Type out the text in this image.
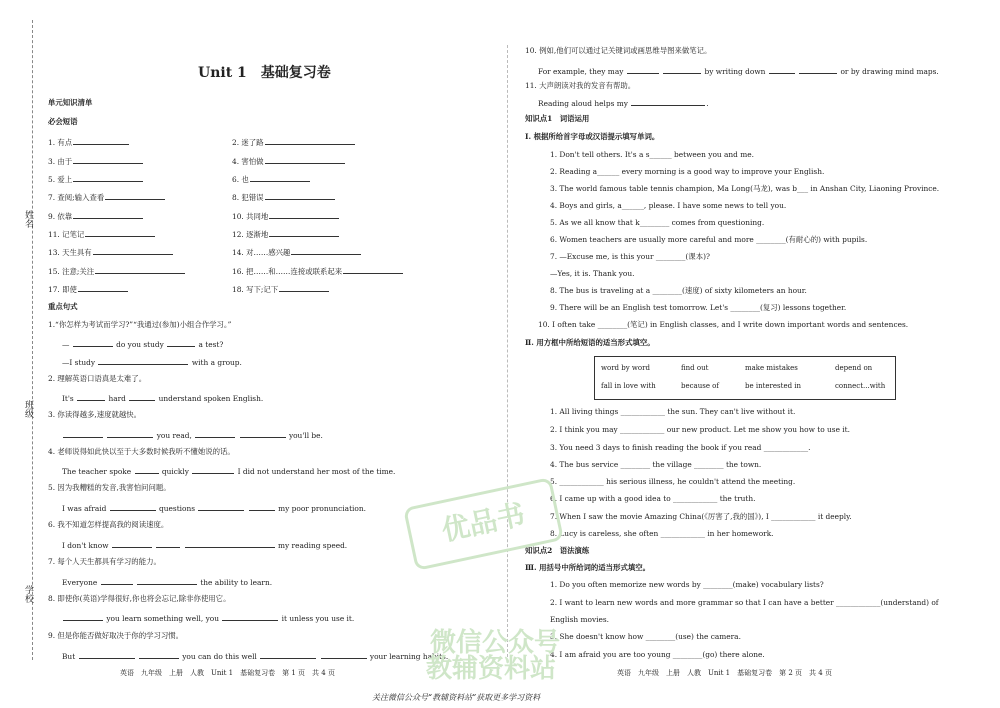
姓名
班级
学校
Unit 1　基础复习卷
单元知识清单
必会短语
1. 有点	2. 迷了路
3. 由于	4. 害怕做
5. 爱上	6. 也
7. 查阅;输入查看	8. 犯错误
9. 依靠	10. 共同地
11. 记笔记	12. 逐渐地
13. 天生具有	14. 对……感兴趣
15. 注意;关注	16. 把……和……连接或联系起来
17. 即使	18. 写下;记下
重点句式
1.“你怎样为考试而学习?”“我通过(参加)小组合作学习。”
—	do you study	a test?
—I study	with a group.
2. 理解英语口语真是太难了。
It's	hard	understand spoken English.
3. 你读得越多,速度就越快。
you read,	you'll be.
4. 老师说得如此快以至于大多数时候我听不懂她说的话。
The teacher spoke	quickly	I did not understand her most of the time.
5. 因为我糟糕的发音,我害怕问问题。
I was afraid	questions	my poor pronunciation.
6. 我不知道怎样提高我的阅读速度。
I don't know	my reading speed.
7. 每个人天生都具有学习的能力。
Everyone	the ability to learn.
8. 即使你(英语)学得很好,你也将会忘记,除非你使用它。
you learn something well, you	it unless you use it.
9. 但是你能否做好取决于你的学习习惯。
But	you can do this well	your learning habits.
10. 例如,他们可以通过记关键词或画思维导图来做笔记。
For example, they may	by writing down	or by drawing mind maps.
11. 大声朗读对我的发音有帮助。
Reading aloud helps my	.
知识点1　词语运用
Ⅰ. 根据所给首字母或汉语提示填写单词。
1. Don't tell others. It's a s______ between you and me.
2. Reading a______ every morning is a good way to improve your English.
3. The world famous table tennis champion, Ma Long(马龙), was b___ in Anshan City, Liaoning Province.
4. Boys and girls, a______, please. I have some news to tell you.
5. As we all know that k________ comes from questioning.
6. Women teachers are usually more careful and more ________(有耐心的) with pupils.
7. —Excuse me, is this your ________(课本)?
—Yes, it is. Thank you.
8. The bus is traveling at a ________(速度) of sixty kilometers an hour.
9. There will be an English test tomorrow. Let's ________(复习) lessons together.
10. I often take ________(笔记) in English classes, and I write down important words and sentences.
Ⅱ. 用方框中所给短语的适当形式填空。
word by word	find out	make mistakes	depend on
fall in love with	because of	be interested in	connect...with
1. All living things ____________ the sun. They can't live without it.
2. I think you may ____________ our new product. Let me show you how to use it.
3. You need 3 days to finish reading the book if you read ____________.
4. The bus service ________ the village ________ the town.
5. ____________ his serious illness, he couldn't attend the meeting.
6. I came up with a good idea to ____________ the truth.
7. When I saw the movie Amazing China(《厉害了,我的国》), I ____________ it deeply.
8. Lucy is careless, she often ____________ in her homework.
知识点2　语法演练
Ⅲ. 用括号中所给词的适当形式填空。
1. Do you often memorize new words by ________(make) vocabulary lists?
2. I want to learn new words and more grammar so that I can have a better ____________(understand) of
English movies.
3. She doesn't know how ________(use) the camera.
4. I am afraid you are too young ________(go) there alone.
优品书
微信公众号
教辅资料站
英语　九年级　上册　人教　Unit 1　基础复习卷　第 1 页　共 4 页	英语　九年级　上册　人教　Unit 1　基础复习卷　第 2 页　共 4 页
关注微信公众号“教辅资料站”获取更多学习资料
